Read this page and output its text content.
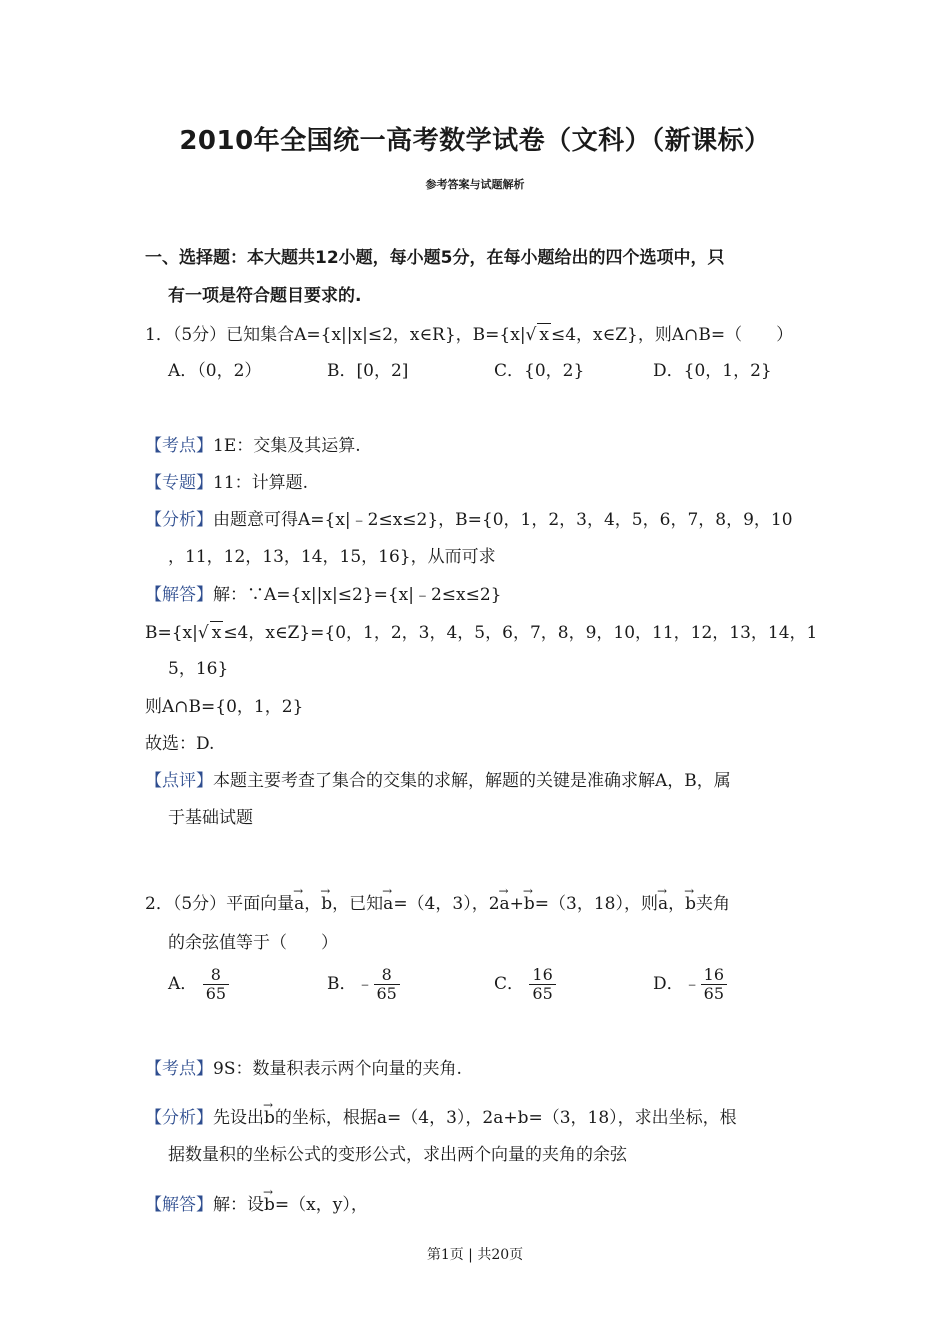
2010年全国统一高考数学试卷（文科）（新课标）
参考答案与试题解析
一、选择题：本大题共12小题，每小题5分，在每小题给出的四个选项中，只
有一项是符合题目要求的.
1．（5分）已知集合A={x||x|≤2，x∈R}，B={x|√ x ≤4，x∈Z}，则A∩B=（　　）
A．（0，2）	B．[0，2]	C．{0，2}	D．{0，1，2}
【考点】1E：交集及其运算.
【专题】11：计算题.
【分析】由题意可得A={x|﹣2≤x≤2}，B={0，1，2，3，4，5，6，7，8，9，10
，11，12，13，14，15，16}，从而可求
【解答】解：∵A={x||x|≤2}={x|﹣2≤x≤2}
B={x|√ x ≤4，x∈Z}={0，1，2，3，4，5，6，7，8，9，10，11，12，13，14，1
5，16}
则A∩B={0，1，2}
故选：D.
【点评】本题主要考查了集合的交集的求解，解题的关键是准确求解A，B，属
于基础试题
2．（5分）平面向量→ a，→ b，已知→ a=（4，3），2→ a+→ b=（3，18），则→ a，→ b夹角
的余弦值等于（　　）
A． $\frac{8}{65}$	B．﹣ $\frac{8}{65}$	C． $\frac{16}{65}$	D．﹣ $\frac{16}{65}$
【考点】9S：数量积表示两个向量的夹角.
【分析】先设出→ b的坐标，根据a=（4，3），2a+b=（3，18），求出坐标，根
据数量积的坐标公式的变形公式，求出两个向量的夹角的余弦
【解答】解：设→ b=（x，y），
第1页 | 共20页
